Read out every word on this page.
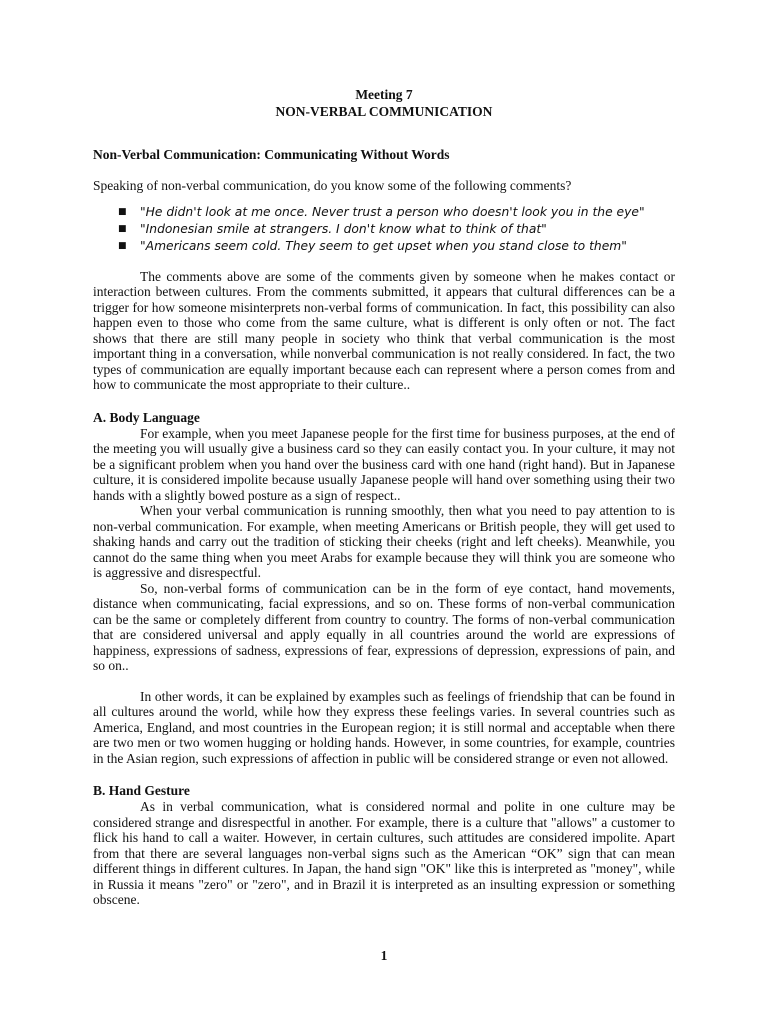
Meeting 7

NON-VERBAL COMMUNICATION

Non-Verbal Communication: Communicating Without Words

Speaking of non-verbal communication, do you know some of the following comments?

■ "He didn't look at me once. Never trust a person who doesn't look you in the eye"
■ "Indonesian smile at strangers. I don't know what to think of that"
■ "Americans seem cold. They seem to get upset when you stand close to them"

The comments above are some of the comments given by someone when he makes contact or interaction between cultures. From the comments submitted, it appears that cultural differences can be a trigger for how someone misinterprets non-verbal forms of communication. In fact, this possibility can also happen even to those who come from the same culture, what is different is only often or not. The fact shows that there are still many people in society who think that verbal communication is the most important thing in a conversation, while nonverbal communication is not really considered. In fact, the two types of communication are equally important because each can represent where a person comes from and how to communicate the most appropriate to their culture..

A. Body Language

For example, when you meet Japanese people for the first time for business purposes, at the end of the meeting you will usually give a business card so they can easily contact you. In your culture, it may not be a significant problem when you hand over the business card with one hand (right hand). But in Japanese culture, it is considered impolite because usually Japanese people will hand over something using their two hands with a slightly bowed posture as a sign of respect..

When your verbal communication is running smoothly, then what you need to pay attention to is non-verbal communication. For example, when meeting Americans or British people, they will get used to shaking hands and carry out the tradition of sticking their cheeks (right and left cheeks). Meanwhile, you cannot do the same thing when you meet Arabs for example because they will think you are someone who is aggressive and disrespectful.

So, non-verbal forms of communication can be in the form of eye contact, hand movements, distance when communicating, facial expressions, and so on. These forms of non-verbal communication can be the same or completely different from country to country. The forms of non-verbal communication that are considered universal and apply equally in all countries around the world are expressions of happiness, expressions of sadness, expressions of fear, expressions of depression, expressions of pain, and so on..

In other words, it can be explained by examples such as feelings of friendship that can be found in all cultures around the world, while how they express these feelings varies. In several countries such as America, England, and most countries in the European region; it is still normal and acceptable when there are two men or two women hugging or holding hands. However, in some countries, for example, countries in the Asian region, such expressions of affection in public will be considered strange or even not allowed.

B. Hand Gesture

As in verbal communication, what is considered normal and polite in one culture may be considered strange and disrespectful in another. For example, there is a culture that "allows" a customer to flick his hand to call a waiter. However, in certain cultures, such attitudes are considered impolite. Apart from that there are several languages non-verbal signs such as the American “OK” sign that can mean different things in different cultures. In Japan, the hand sign "OK" like this is interpreted as "money", while in Russia it means "zero" or "zero", and in Brazil it is interpreted as an insulting expression or something obscene.

1
